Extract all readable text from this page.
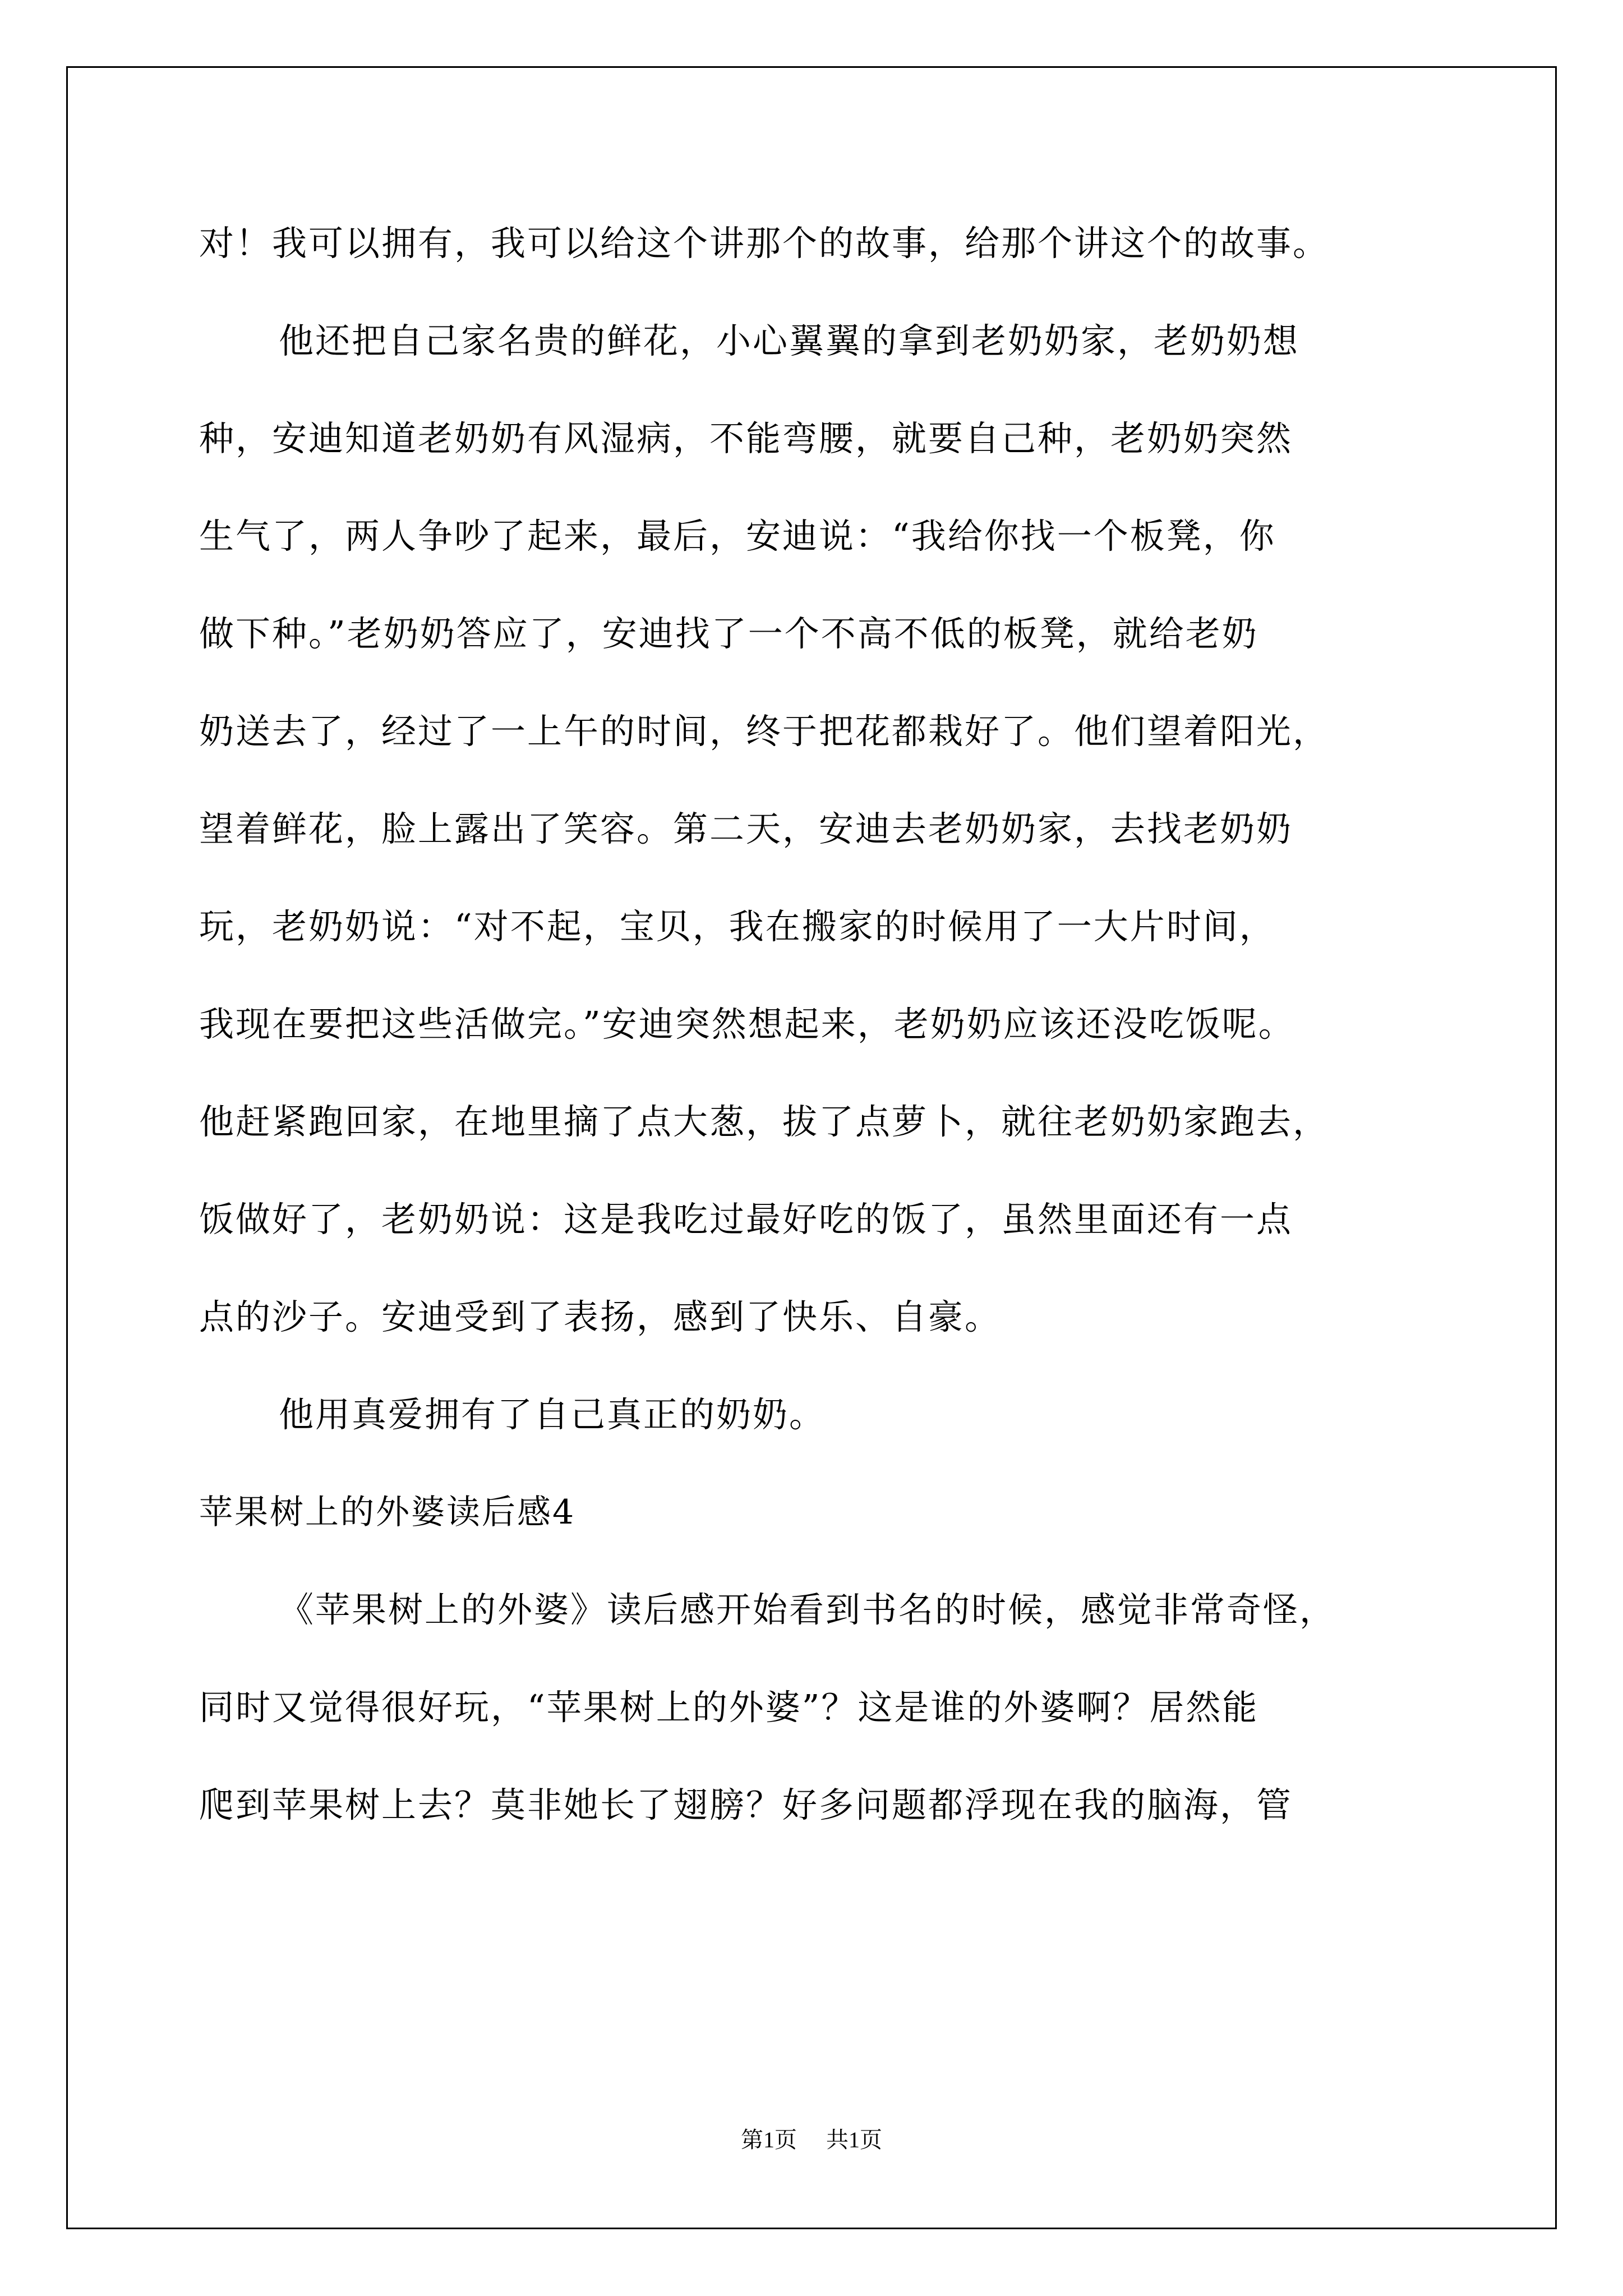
对！我可以拥有，我可以给这个讲那个的故事，给那个讲这个的故事。
他还把自己家名贵的鲜花，小心翼翼的拿到老奶奶家，老奶奶想
种，安迪知道老奶奶有风湿病，不能弯腰，就要自己种，老奶奶突然
生气了，两人争吵了起来，最后，安迪说：“我给你找一个板凳，你
做下种。”老奶奶答应了，安迪找了一个不高不低的板凳，就给老奶
奶送去了，经过了一上午的时间，终于把花都栽好了。他们望着阳光，
望着鲜花，脸上露出了笑容。第二天，安迪去老奶奶家，去找老奶奶
玩，老奶奶说：“对不起，宝贝，我在搬家的时候用了一大片时间，
我现在要把这些活做完。”安迪突然想起来，老奶奶应该还没吃饭呢。
他赶紧跑回家，在地里摘了点大葱，拔了点萝卜，就往老奶奶家跑去，
饭做好了，老奶奶说：这是我吃过最好吃的饭了，虽然里面还有一点
点的沙子。安迪受到了表扬，感到了快乐、自豪。
他用真爱拥有了自己真正的奶奶。
苹果树上的外婆读后感4
《苹果树上的外婆》读后感开始看到书名的时候，感觉非常奇怪，
同时又觉得很好玩，“苹果树上的外婆”？这是谁的外婆啊？居然能
爬到苹果树上去？莫非她长了翅膀？好多问题都浮现在我的脑海，管
第1页 共1页
